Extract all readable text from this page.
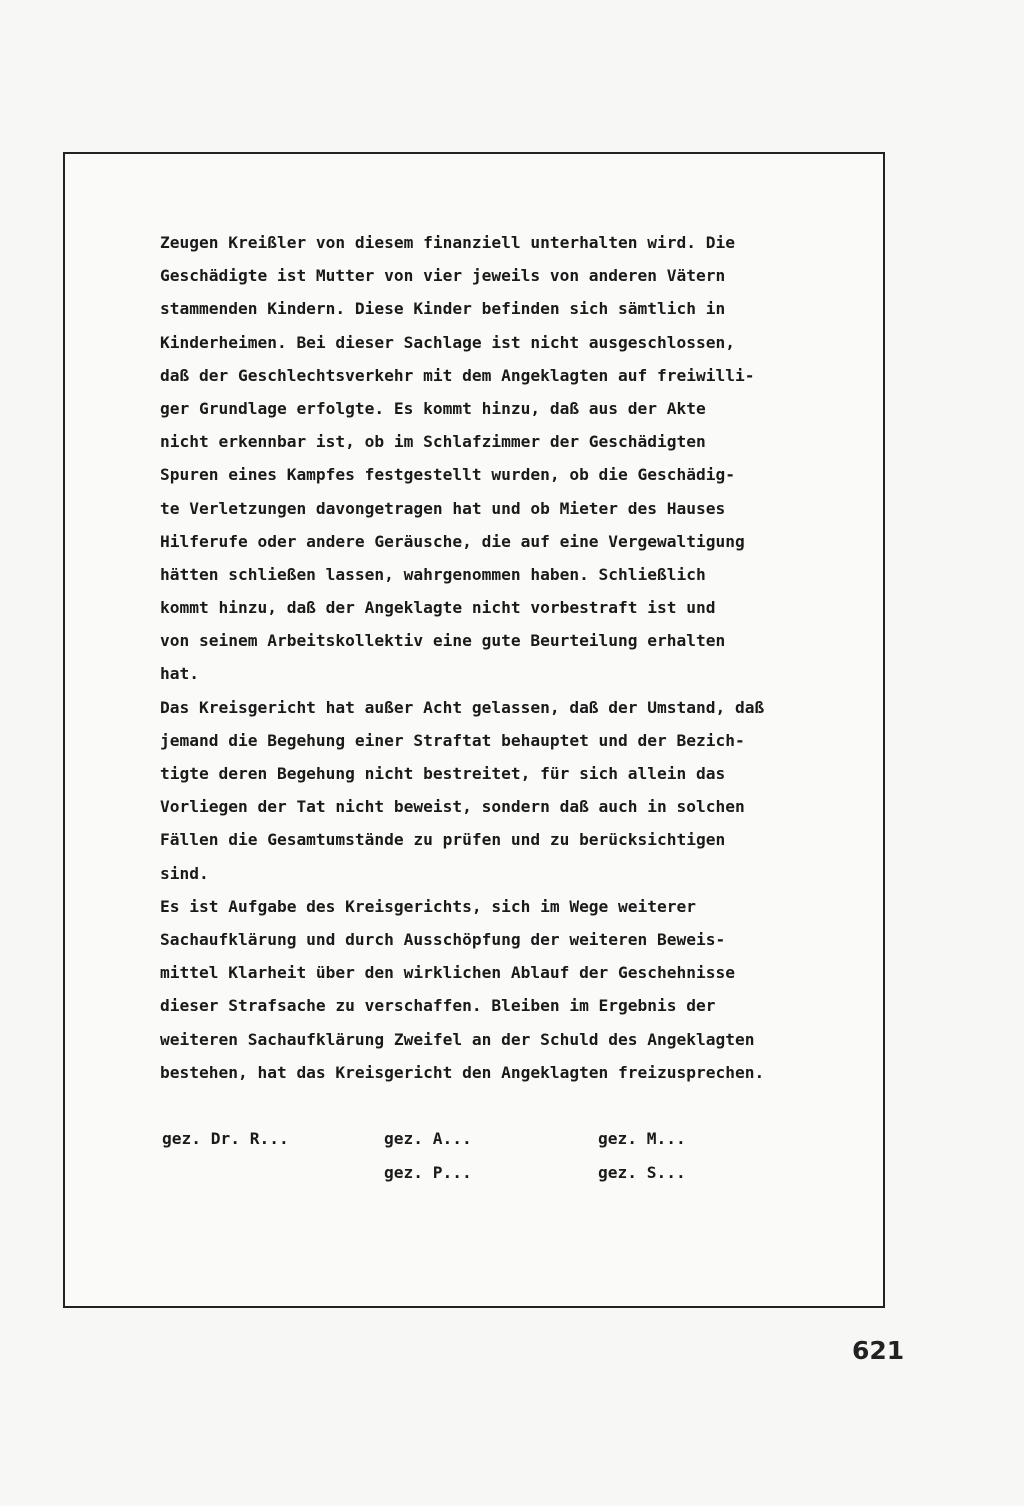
Zeugen Kreißler von diesem finanziell unterhalten wird. Die
Geschädigte ist Mutter von vier jeweils von anderen Vätern
stammenden Kindern. Diese Kinder befinden sich sämtlich in
Kinderheimen. Bei dieser Sachlage ist nicht ausgeschlossen,
daß der Geschlechtsverkehr mit dem Angeklagten auf freiwilli-
ger Grundlage erfolgte. Es kommt hinzu, daß aus der Akte
nicht erkennbar ist, ob im Schlafzimmer der Geschädigten
Spuren eines Kampfes festgestellt wurden, ob die Geschädig-
te Verletzungen davongetragen hat und ob Mieter des Hauses
Hilferufe oder andere Geräusche, die auf eine Vergewaltigung
hätten schließen lassen, wahrgenommen haben. Schließlich
kommt hinzu, daß der Angeklagte nicht vorbestraft ist und
von seinem Arbeitskollektiv eine gute Beurteilung erhalten
hat.
Das Kreisgericht hat außer Acht gelassen, daß der Umstand, daß
jemand die Begehung einer Straftat behauptet und der Bezich-
tigte deren Begehung nicht bestreitet, für sich allein das
Vorliegen der Tat nicht beweist, sondern daß auch in solchen
Fällen die Gesamtumstände zu prüfen und zu berücksichtigen
sind.
Es ist Aufgabe des Kreisgerichts, sich im Wege weiterer
Sachaufklärung und durch Ausschöpfung der weiteren Beweis-
mittel Klarheit über den wirklichen Ablauf der Geschehnisse
dieser Strafsache zu verschaffen. Bleiben im Ergebnis der
weiteren Sachaufklärung Zweifel an der Schuld des Angeklagten
bestehen, hat das Kreisgericht den Angeklagten freizusprechen.
gez. Dr. R...	gez. A...	gez. M...
gez. P...	gez. S...
621
